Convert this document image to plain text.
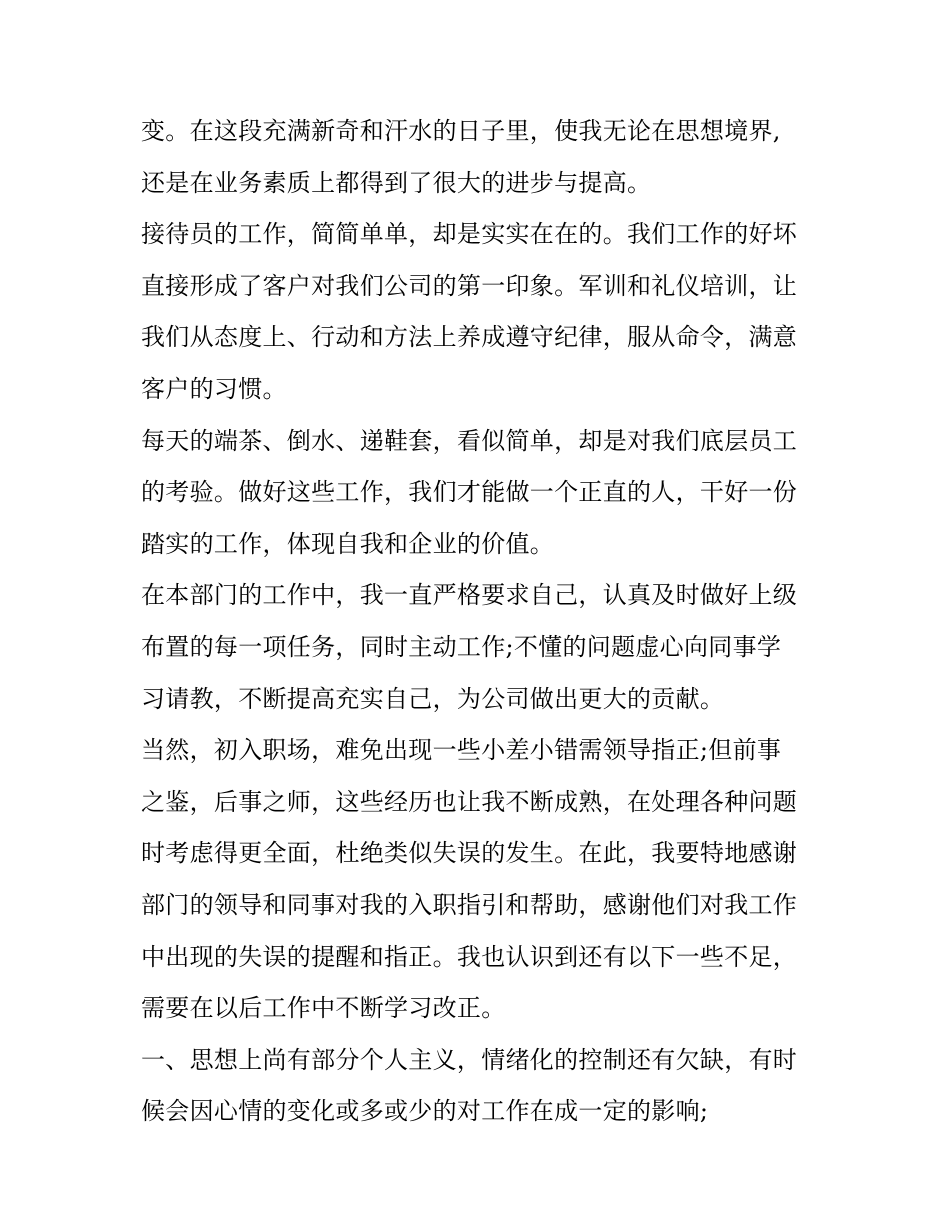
变。在这段充满新奇和汗水的日子里，使我无论在思想境界,
还是在业务素质上都得到了很大的进步与提高。
接待员的工作，简简单单，却是实实在在的。我们工作的好坏
直接形成了客户对我们公司的第一印象。军训和礼仪培训，让
我们从态度上、行动和方法上养成遵守纪律，服从命令，满意
客户的习惯。
每天的端茶、倒水、递鞋套，看似简单，却是对我们底层员工
的考验。做好这些工作，我们才能做一个正直的人，干好一份
踏实的工作，体现自我和企业的价值。
在本部门的工作中，我一直严格要求自己，认真及时做好上级
布置的每一项任务，同时主动工作;不懂的问题虚心向同事学
习请教，不断提高充实自己，为公司做出更大的贡献。
当然，初入职场，难免出现一些小差小错需领导指正;但前事
之鉴，后事之师，这些经历也让我不断成熟，在处理各种问题
时考虑得更全面，杜绝类似失误的发生。在此，我要特地感谢
部门的领导和同事对我的入职指引和帮助，感谢他们对我工作
中出现的失误的提醒和指正。我也认识到还有以下一些不足，
需要在以后工作中不断学习改正。
一、思想上尚有部分个人主义，情绪化的控制还有欠缺，有时
候会因心情的变化或多或少的对工作在成一定的影响;
